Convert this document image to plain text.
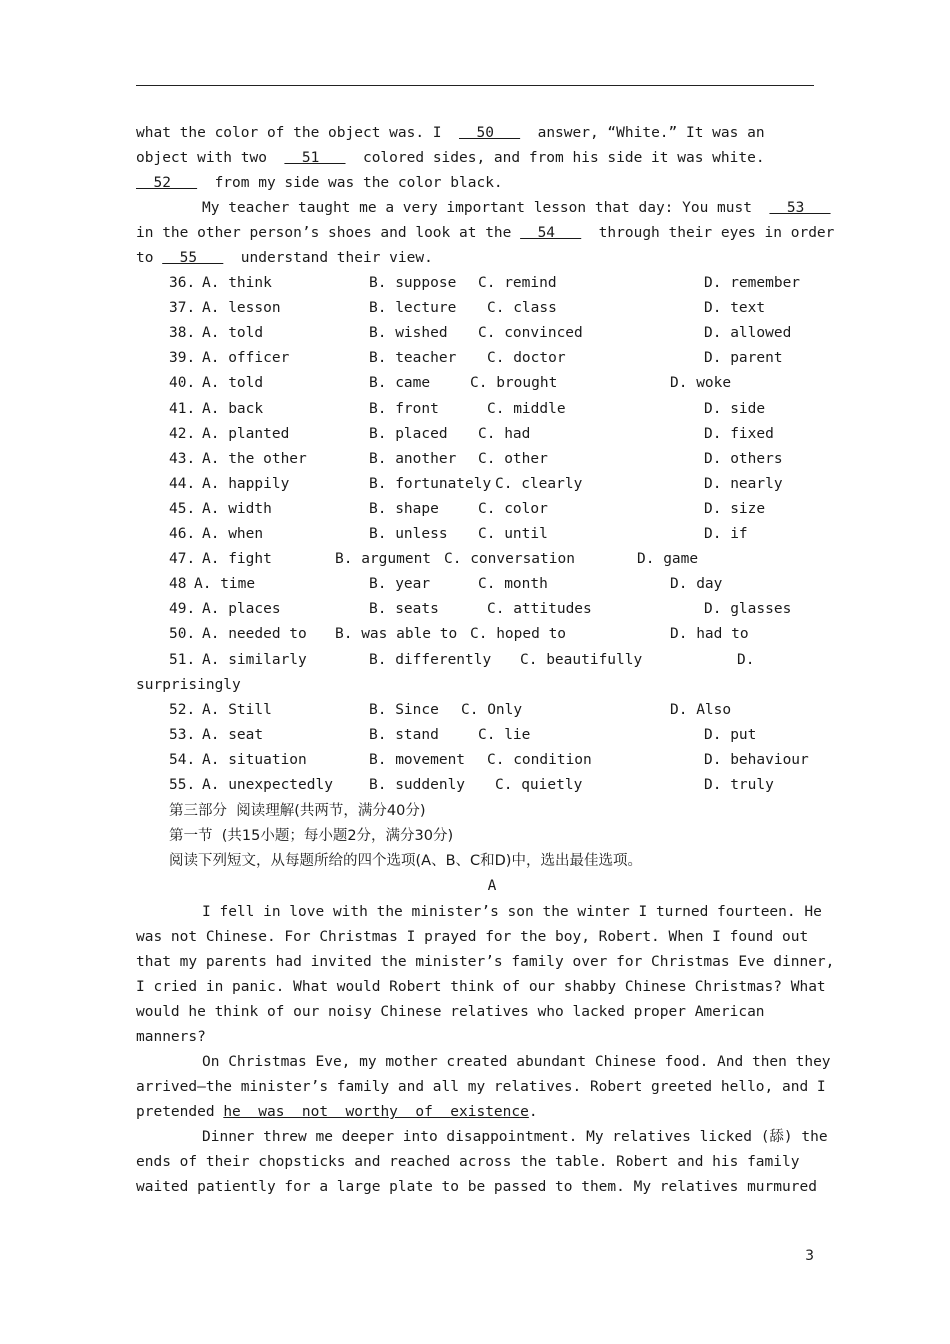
what the color of the object was. I    50     answer, “White.” It was an
object with two    51     colored sides, and from his side it was white.
52     from my side was the color black.
My teacher taught me a very important lesson that day: You must    53
in the other person’s shoes and look at the   54     through their eyes in order
to   55     understand their view.
36. A. think	B. suppose C. remind	D. remember
37. A. lesson	B. lecture C. class	D. text
38. A. told	B. wished C. convinced	D. allowed
39. A. officer	B. teacher C. doctor	D. parent
40. A. told	B. came	C. brought	D. woke
41. A. back	B. front	C. middle	D. side
42. A. planted	B. placed C. had	D. fixed
43. A. the other	B. another C. other	D. others
44. A. happily	B. fortunately C. clearly	D. nearly
45. A. width	B. shape	C. color	D. size
46. A. when	B. unless C. until	D. if
47. A. fight	B. argument C. conversation	D. game
48 A. time	B. year	C. month	D. day
49. A. places	B. seats	C. attitudes	D. glasses
50. A. needed to B. was able to C. hoped to	D. had to
51. A. similarly	B. differently C. beautifully	D.
surprisingly
52. A. Still	B. Since C. Only	D. Also
53. A. seat	B. stand	C. lie	D. put
54. A. situation	B. movement C. condition	D. behaviour
55. A. unexpectedly B. suddenly C. quietly	D. truly
第三部分  阅读理解(共两节，满分40分)
第一节  (共15小题；每小题2分，满分30分)
阅读下列短文，从每题所给的四个选项(A、B、C和D)中，选出最佳选项。
A
I fell in love with the minister’s son the winter I turned fourteen. He
was not Chinese. For Christmas I prayed for the boy, Robert. When I found out
that my parents had invited the minister’s family over for Christmas Eve dinner,
I cried in panic. What would Robert think of our shabby Chinese Christmas? What
would he think of our noisy Chinese relatives who lacked proper American
manners?
On Christmas Eve, my mother created abundant Chinese food. And then they
arrived—the minister’s family and all my relatives. Robert greeted hello, and I
pretended he  was  not  worthy  of  existence.
Dinner threw me deeper into disappointment. My relatives licked (舔) the
ends of their chopsticks and reached across the table. Robert and his family
waited patiently for a large plate to be passed to them. My relatives murmured
3
